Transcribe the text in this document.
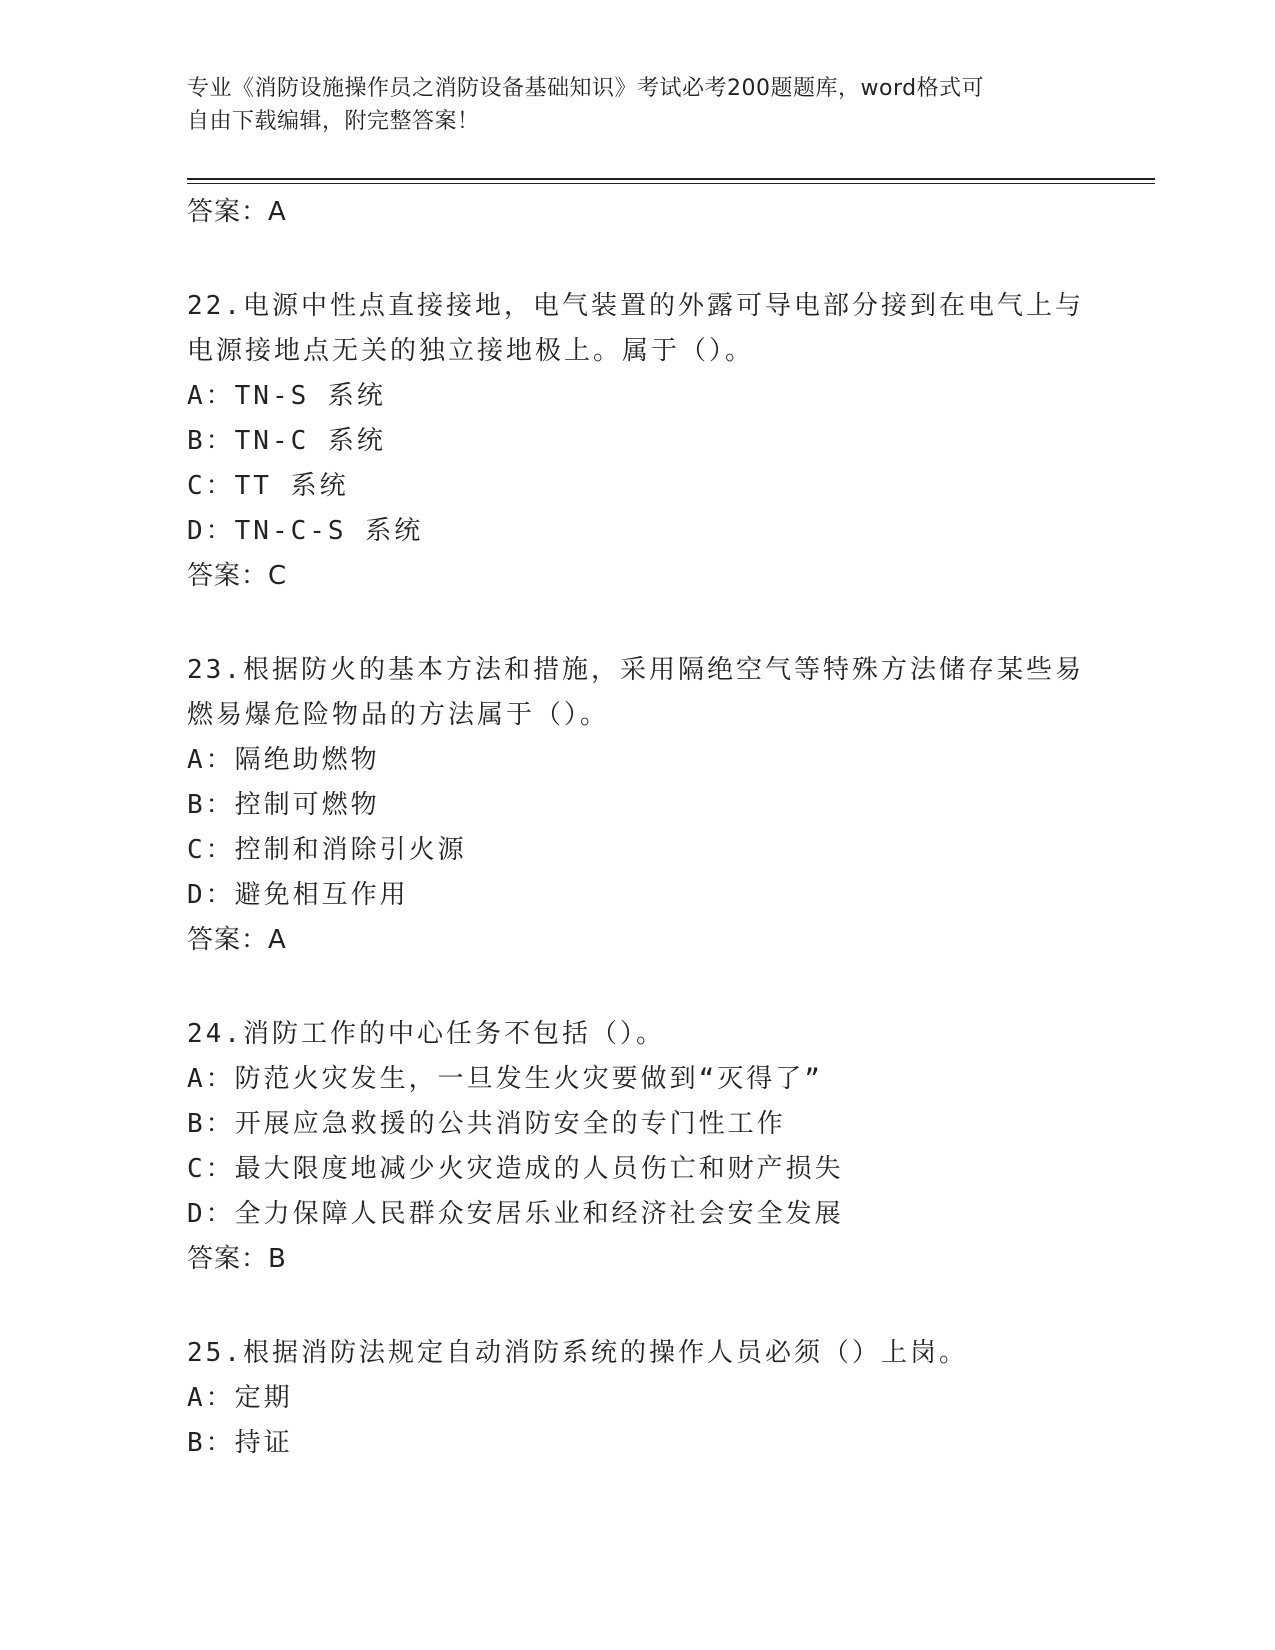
专业《消防设施操作员之消防设备基础知识》考试必考200题题库，word格式可
自由下载编辑，附完整答案！
答案：A
22.电源中性点直接接地，电气装置的外露可导电部分接到在电气上与
电源接地点无关的独立接地极上。属于（）。
A：TN-S 系统
B：TN-C 系统
C：TT 系统
D：TN-C-S 系统
答案：C
23.根据防火的基本方法和措施，采用隔绝空气等特殊方法储存某些易
燃易爆危险物品的方法属于（）。
A：隔绝助燃物
B：控制可燃物
C：控制和消除引火源
D：避免相互作用
答案：A
24.消防工作的中心任务不包括（）。
A：防范火灾发生，一旦发生火灾要做到“灭得了”
B：开展应急救援的公共消防安全的专门性工作
C：最大限度地减少火灾造成的人员伤亡和财产损失
D：全力保障人民群众安居乐业和经济社会安全发展
答案：B
25.根据消防法规定自动消防系统的操作人员必须（）上岗。
A：定期
B：持证
